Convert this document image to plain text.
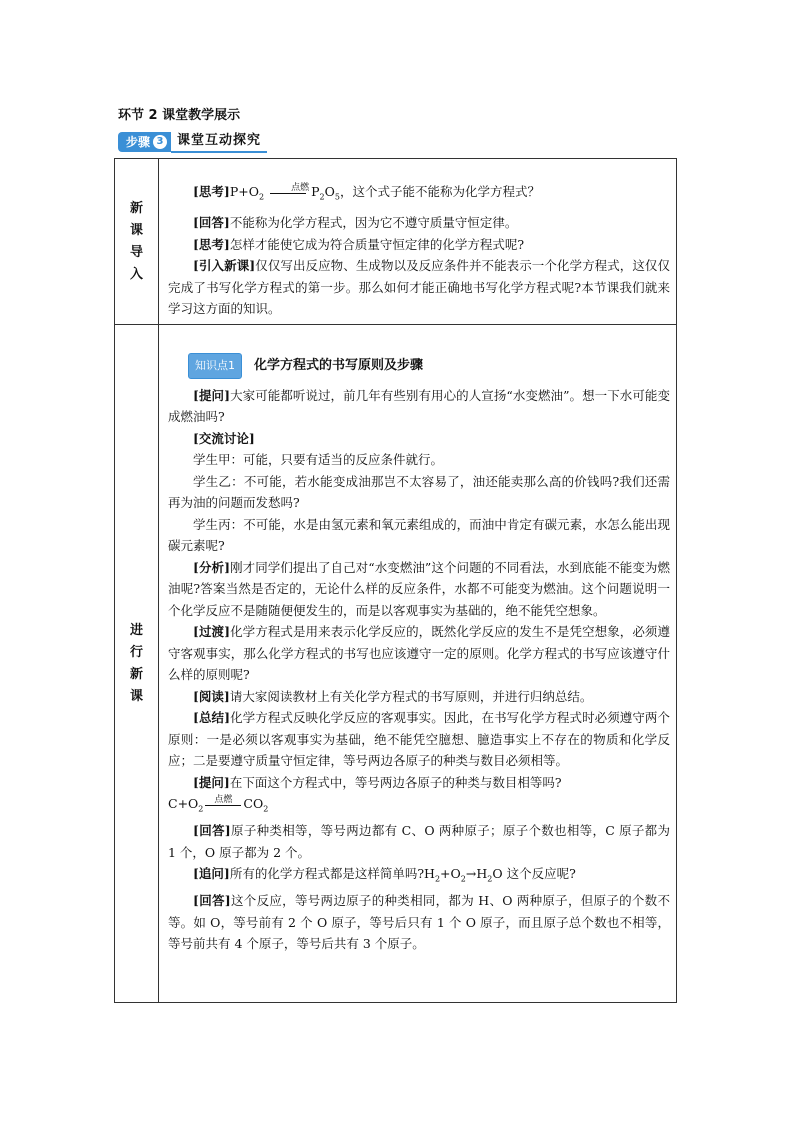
环节 2 课堂教学展示
步骤 3	课堂互动探究
新
课
导
入

[思考]$P+O_2$
点燃 $P_2O_5$，这个式子能不能称为化学方程式？

[回答]不能称为化学方程式，因为它不遵守质量守恒定律。

[思考]怎样才能使它成为符合质量守恒定律的化学方程式呢?

[引入新课]仅仅写出反应物、生成物以及反应条件并不能表示一个化学方程式，这仅仅完成了书写化学方程式的第一步。那么如何才能正确地书写化学方程式呢?本节课我们就来学习这方面的知识。

进
行
新
课
知识点1	化学方程式的书写原则及步骤

[提问]大家可能都听说过，前几年有些别有用心的人宣扬“水变燃油”。想一下水可能变成燃油吗?

[交流讨论]

学生甲：可能，只要有适当的反应条件就行。

学生乙：不可能，若水能变成油那岂不太容易了，油还能卖那么高的价钱吗?我们还需再为油的问题而发愁吗?

学生丙：不可能，水是由氢元素和氧元素组成的，而油中肯定有碳元素，水怎么能出现碳元素呢?

[分析]刚才同学们提出了自己对“水变燃油”这个问题的不同看法，水到底能不能变为燃油呢?答案当然是否定的，无论什么样的反应条件，水都不可能变为燃油。这个问题说明一个化学反应不是随随便便发生的，而是以客观事实为基础的，绝不能凭空想象。

[过渡]化学方程式是用来表示化学反应的，既然化学反应的发生不是凭空想象，必须遵守客观事实，那么化学方程式的书写也应该遵守一定的原则。化学方程式的书写应该遵守什么样的原则呢?

[阅读]请大家阅读教材上有关化学方程式的书写原则，并进行归纳总结。

[总结]化学方程式反映化学反应的客观事实。因此，在书写化学方程式时必须遵守两个原则：一是必须以客观事实为基础，绝不能凭空臆想、臆造事实上不存在的物质和化学反应；二是要遵守质量守恒定律，等号两边各原子的种类与数目必须相等。

[提问]在下面这个方程式中，等号两边各原子的种类与数目相等吗?

$C+O_2$
点燃 $CO_2$

[回答]原子种类相等，等号两边都有 C、O 两种原子；原子个数也相等，C 原子都为 1 个，O 原子都为 2 个。

[追问]所有的化学方程式都是这样简单吗$?H_2+O_2\to H_2O$ 这个反应呢?

[回答]这个反应，等号两边原子的种类相同，都为 H、O 两种原子，但原子的个数不等。如 O，等号前有 2 个 O 原子，等号后只有 1 个 O 原子，而且原子总个数也不相等，等号前共有 4 个原子，等号后共有 3 个原子。
